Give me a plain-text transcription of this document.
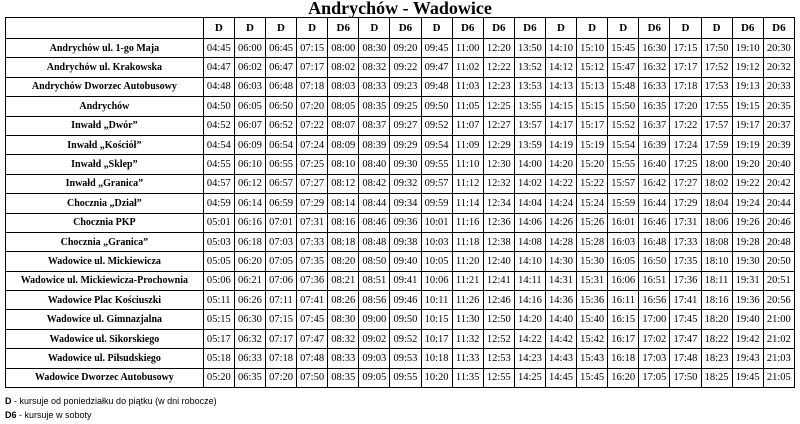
Andrychów - Wadowice
	D	D	D	D	D6	D	D6	D	D6	D6	D6	D	D	D	D6	D	D	D6	D6
Andrychów ul. 1-go Maja	04:45	06:00	06:45	07:15	08:00	08:30	09:20	09:45	11:00	12:20	13:50	14:10	15:10	15:45	16:30	17:15	17:50	19:10	20:30
Andrychów ul. Krakowska	04:47	06:02	06:47	07:17	08:02	08:32	09:22	09:47	11:02	12:22	13:52	14:12	15:12	15:47	16:32	17:17	17:52	19:12	20:32
Andrychów Dworzec Autobusowy	04:48	06:03	06:48	07:18	08:03	08:33	09:23	09:48	11:03	12:23	13:53	14:13	15:13	15:48	16:33	17:18	17:53	19:13	20:33
Andrychów	04:50	06:05	06:50	07:20	08:05	08:35	09:25	09:50	11:05	12:25	13:55	14:15	15:15	15:50	16:35	17:20	17:55	19:15	20:35
Inwałd „Dwór”	04:52	06:07	06:52	07:22	08:07	08:37	09:27	09:52	11:07	12:27	13:57	14:17	15:17	15:52	16:37	17:22	17:57	19:17	20:37
Inwałd „Kościół”	04:54	06:09	06:54	07:24	08:09	08:39	09:29	09:54	11:09	12:29	13:59	14:19	15:19	15:54	16:39	17:24	17:59	19:19	20:39
Inwałd „Sklep”	04:55	06:10	06:55	07:25	08:10	08:40	09:30	09:55	11:10	12:30	14:00	14:20	15:20	15:55	16:40	17:25	18:00	19:20	20:40
Inwałd „Granica”	04:57	06:12	06:57	07:27	08:12	08:42	09:32	09:57	11:12	12:32	14:02	14:22	15:22	15:57	16:42	17:27	18:02	19:22	20:42
Chocznia „Dział”	04:59	06:14	06:59	07:29	08:14	08:44	09:34	09:59	11:14	12:34	14:04	14:24	15:24	15:59	16:44	17:29	18:04	19:24	20:44
Chocznia PKP	05:01	06:16	07:01	07:31	08:16	08:46	09:36	10:01	11:16	12:36	14:06	14:26	15:26	16:01	16:46	17:31	18:06	19:26	20:46
Chocznia „Granica”	05:03	06:18	07:03	07:33	08:18	08:48	09:38	10:03	11:18	12:38	14:08	14:28	15:28	16:03	16:48	17:33	18:08	19:28	20:48
Wadowice ul. Mickiewicza	05:05	06:20	07:05	07:35	08:20	08:50	09:40	10:05	11:20	12:40	14:10	14:30	15:30	16:05	16:50	17:35	18:10	19:30	20:50
Wadowice ul. Mickiewicza-Prochownia	05:06	06:21	07:06	07:36	08:21	08:51	09:41	10:06	11:21	12:41	14:11	14:31	15:31	16:06	16:51	17:36	18:11	19:31	20:51
Wadowice Plac Kościuszki	05:11	06:26	07:11	07:41	08:26	08:56	09:46	10:11	11:26	12:46	14:16	14:36	15:36	16:11	16:56	17:41	18:16	19:36	20:56
Wadowice ul. Gimnazjalna	05:15	06:30	07:15	07:45	08:30	09:00	09:50	10:15	11:30	12:50	14:20	14:40	15:40	16:15	17:00	17:45	18:20	19:40	21:00
Wadowice ul. Sikorskiego	05:17	06:32	07:17	07:47	08:32	09:02	09:52	10:17	11:32	12:52	14:22	14:42	15:42	16:17	17:02	17:47	18:22	19:42	21:02
Wadowice ul. Piłsudskiego	05:18	06:33	07:18	07:48	08:33	09:03	09:53	10:18	11:33	12:53	14:23	14:43	15:43	16:18	17:03	17:48	18:23	19:43	21:03
Wadowice Dworzec Autobusowy	05:20	06:35	07:20	07:50	08:35	09:05	09:55	10:20	11:35	12:55	14:25	14:45	15:45	16:20	17:05	17:50	18:25	19:45	21:05
D - kursuje od poniedziałku do piątku (w dni robocze)
D6 - kursuje w soboty
